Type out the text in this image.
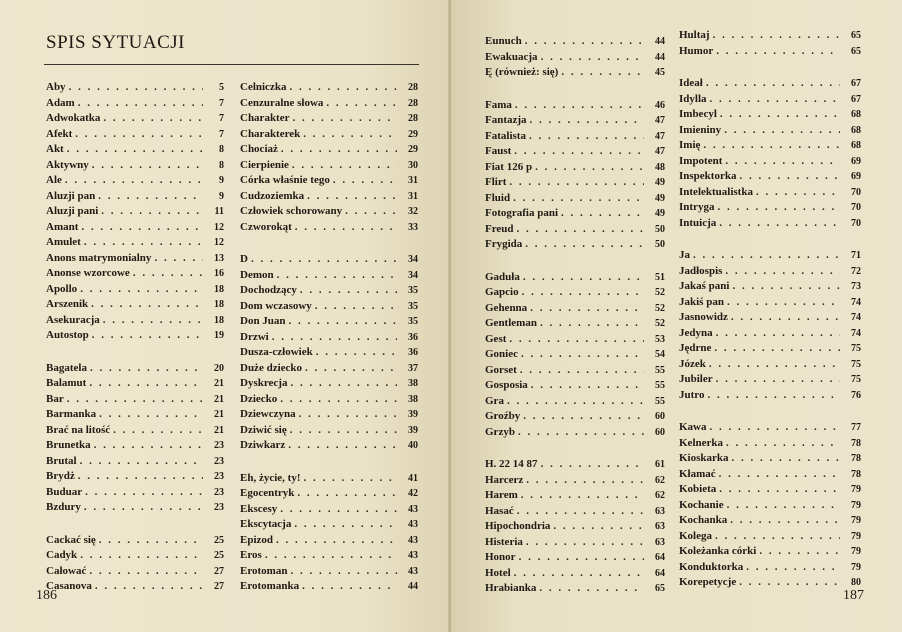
SPIS SYTUACJI
Aby . . .	5
Adam . . .	7
Adwokatka . . .	7
Afekt . . .	7
Akt . . .	8
Aktywny . . .	8
Ale . . .	9
Aluzji pan . . .	9
Aluzji pani . . .	11
Amant . . .	12
Amulet . . .	12
Anons matrymonialny . . .	13
Anonse wzorcowe . . .	16
Apollo . . .	18
Arszenik . . .	18
Asekuracja . . .	18
Autostop . . .	19
Bagatela . . .	20
Balamut . . .	21
Bar . . .	21
Barmanka . . .	21
Brać na litość . . .	21
Brunetka . . .	23
Brutal . . .	23
Brydż . . .	23
Buduar . . .	23
Bzdury . . .	23
Cackać się . . .	25
Cadyk . . .	25
Całować . . .	27
Casanova . . .	27
Celniczka . . .	28
Cenzuralne słowa . . .	28
Charakter . . .	28
Charakterek . . .	29
Chociaż . . .	29
Cierpienie . . .	30
Córka właśnie tego . . .	31
Cudzoziemka . . .	31
Człowiek schorowany . . .	32
Czworokąt . . .	33
D . . .	34
Demon . . .	34
Dochodzący . . .	35
Dom wczasowy . . .	35
Don Juan . . .	35
Drzwi . . .	36
Dusza-człowiek . . .	36
Duże dziecko . . .	37
Dyskrecja . . .	38
Dziecko . . .	38
Dziewczyna . . .	39
Dziwić się . . .	39
Dziwkarz . . .	40
Eh, życie, ty! . . .	41
Egocentryk . . .	42
Ekscesy . . .	43
Ekscytacja . . .	43
Epizod . . .	43
Eros . . .	43
Erotoman . . .	43
Erotomanka . . .	44
186
Eunuch . . .	44
Ewakuacja . . .	44
Ę (również: się) . . .	45
Fama . . .	46
Fantazja . . .	47
Fatalista . . .	47
Faust . . .	47
Fiat 126 p . . .	48
Flirt . . .	49
Fluid . . .	49
Fotografia pani . . .	49
Freud . . .	50
Frygida . . .	50
Gaduła . . .	51
Gapcio . . .	52
Gehenna . . .	52
Gentleman . . .	52
Gest . . .	53
Goniec . . .	54
Gorset . . .	55
Gosposia . . .	55
Gra . . .	55
Groźby . . .	60
Grzyb . . .	60
H. 22 14 87 . . .	61
Harcerz . . .	62
Harem . . .	62
Hasać . . .	63
Hipochondria . . .	63
Histeria . . .	63
Honor . . .	64
Hotel . . .	64
Hrabianka . . .	65
Hultaj . . .	65
Humor . . .	65
Ideał . . .	67
Idylla . . .	67
Imbecyl . . .	68
Imieniny . . .	68
Imię . . .	68
Impotent . . .	69
Inspektorka . . .	69
Intelektualistka . . .	70
Intryga . . .	70
Intuicja . . .	70
Ja . . .	71
Jadłospis . . .	72
Jakaś pani . . .	73
Jakiś pan . . .	74
Jasnowidz . . .	74
Jedyna . . .	74
Jędrne . . .	75
Józek . . .	75
Jubiler . . .	75
Jutro . . .	76
Kawa . . .	77
Kelnerka . . .	78
Kioskarka . . .	78
Kłamać . . .	78
Kobieta . . .	79
Kochanie . . .	79
Kochanka . . .	79
Kolega . . .	79
Koleżanka córki . . .	79
Konduktorka . . .	79
Korepetycje . . .	80
187
